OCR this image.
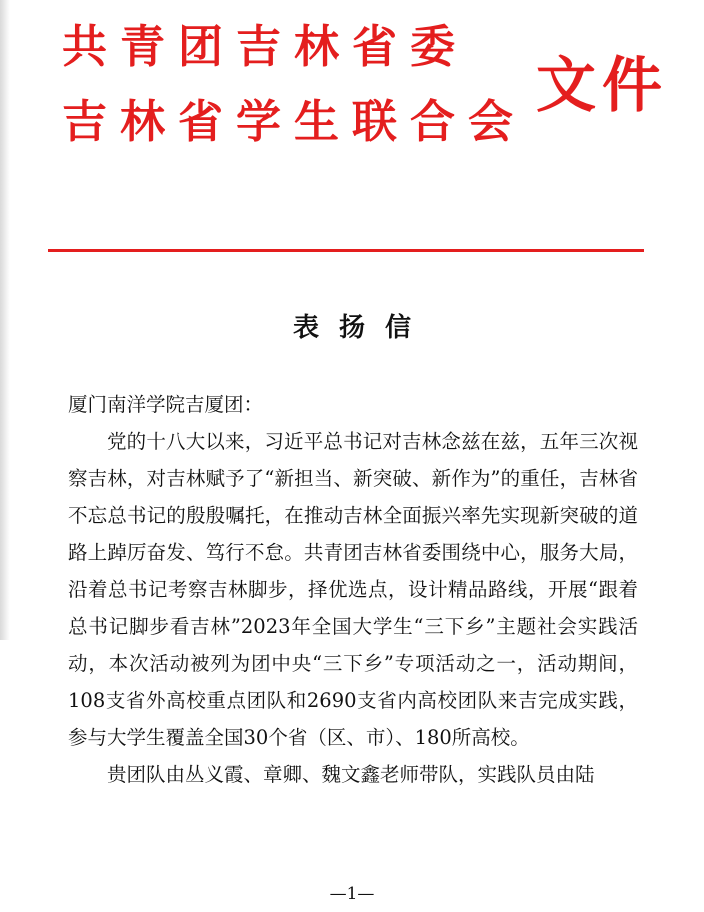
共青团吉林省委
吉林省学生联合会
文件
表扬信

厦门南洋学院吉厦团：

党的十八大以来，习近平总书记对吉林念兹在兹，五年三次视察吉林，对吉林赋予了“新担当、新突破、新作为”的重任，吉林省不忘总书记的殷殷嘱托，在推动吉林全面振兴率先实现新突破的道路上踔厉奋发、笃行不怠。共青团吉林省委围绕中心，服务大局，沿着总书记考察吉林脚步，择优选点，设计精品路线，开展“跟着总书记脚步看吉林”2023年全国大学生“三下乡”主题社会实践活动，本次活动被列为团中央“三下乡”专项活动之一，活动期间，108支省外高校重点团队和2690支省内高校团队来吉完成实践，参与大学生覆盖全国30个省（区、市）、180所高校。

贵团队由丛义霞、章卿、魏文鑫老师带队，实践队员由陆

—1—
